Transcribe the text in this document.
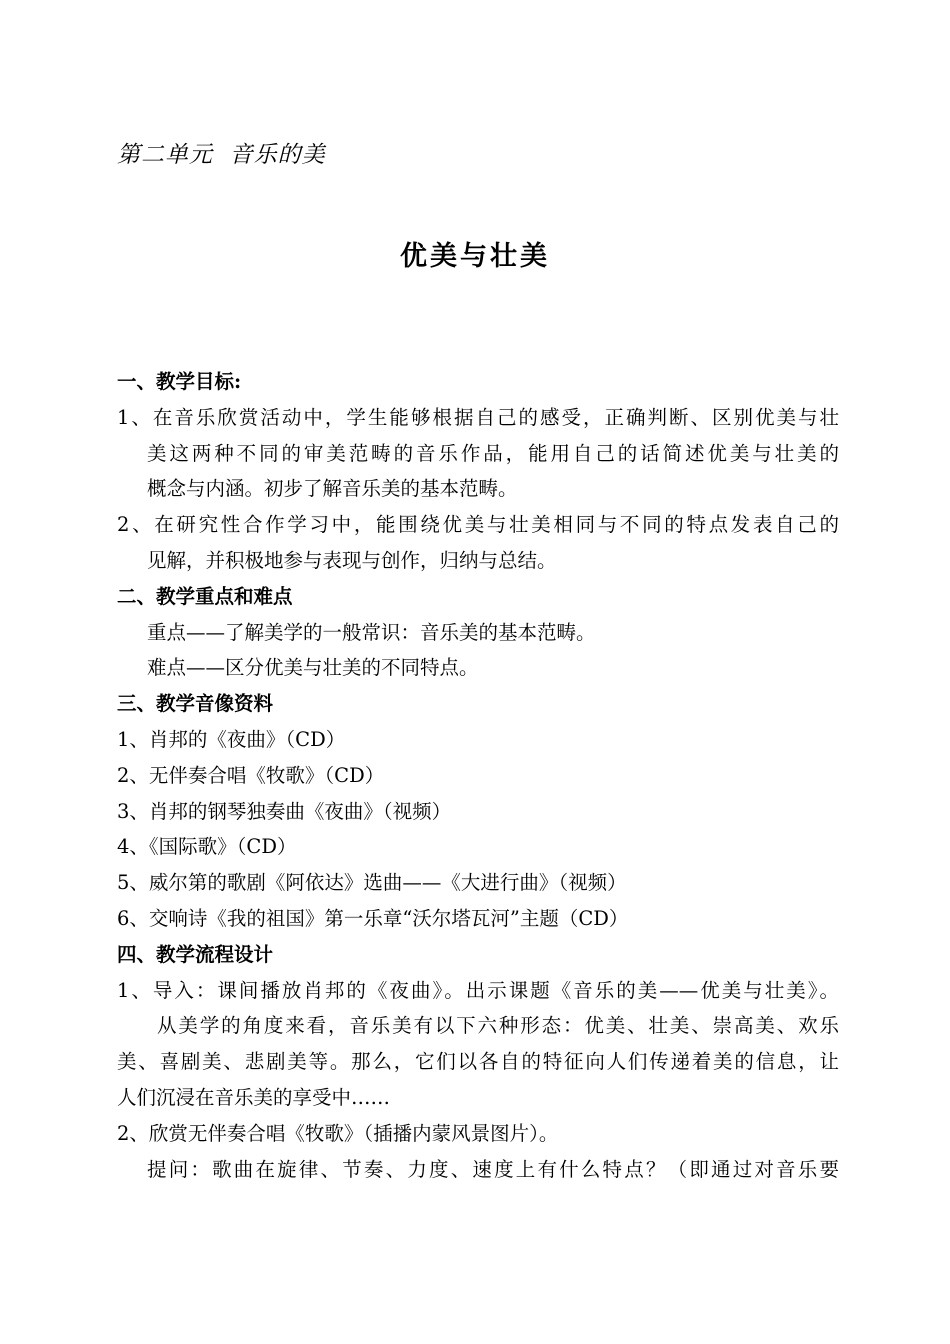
第二单元  音乐的美
优美与壮美
一、教学目标:
1、在音乐欣赏活动中，学生能够根据自己的感受，正确判断、区别优美与壮
美这两种不同的审美范畴的音乐作品，能用自己的话简述优美与壮美的
概念与内涵。初步了解音乐美的基本范畴。
2、在研究性合作学习中，能围绕优美与壮美相同与不同的特点发表自己的
见解，并积极地参与表现与创作，归纳与总结。
二、教学重点和难点
重点——了解美学的一般常识：音乐美的基本范畴。
难点——区分优美与壮美的不同特点。
三、教学音像资料
1、肖邦的《夜曲》（CD）
2、无伴奏合唱《牧歌》（CD）
3、肖邦的钢琴独奏曲《夜曲》（视频）
4、《国际歌》（CD）
5、威尔第的歌剧《阿依达》选曲——《大进行曲》（视频）
6、交响诗《我的祖国》第一乐章“沃尔塔瓦河”主题（CD）
四、教学流程设计
1、导入：课间播放肖邦的《夜曲》。出示课题《音乐的美——优美与壮美》。
从美学的角度来看，音乐美有以下六种形态：优美、壮美、崇高美、欢乐
美、喜剧美、悲剧美等。那么，它们以各自的特征向人们传递着美的信息，让
人们沉浸在音乐美的享受中……
2、欣赏无伴奏合唱《牧歌》（插播内蒙风景图片）。
提问：歌曲在旋律、节奏、力度、速度上有什么特点？（即通过对音乐要
